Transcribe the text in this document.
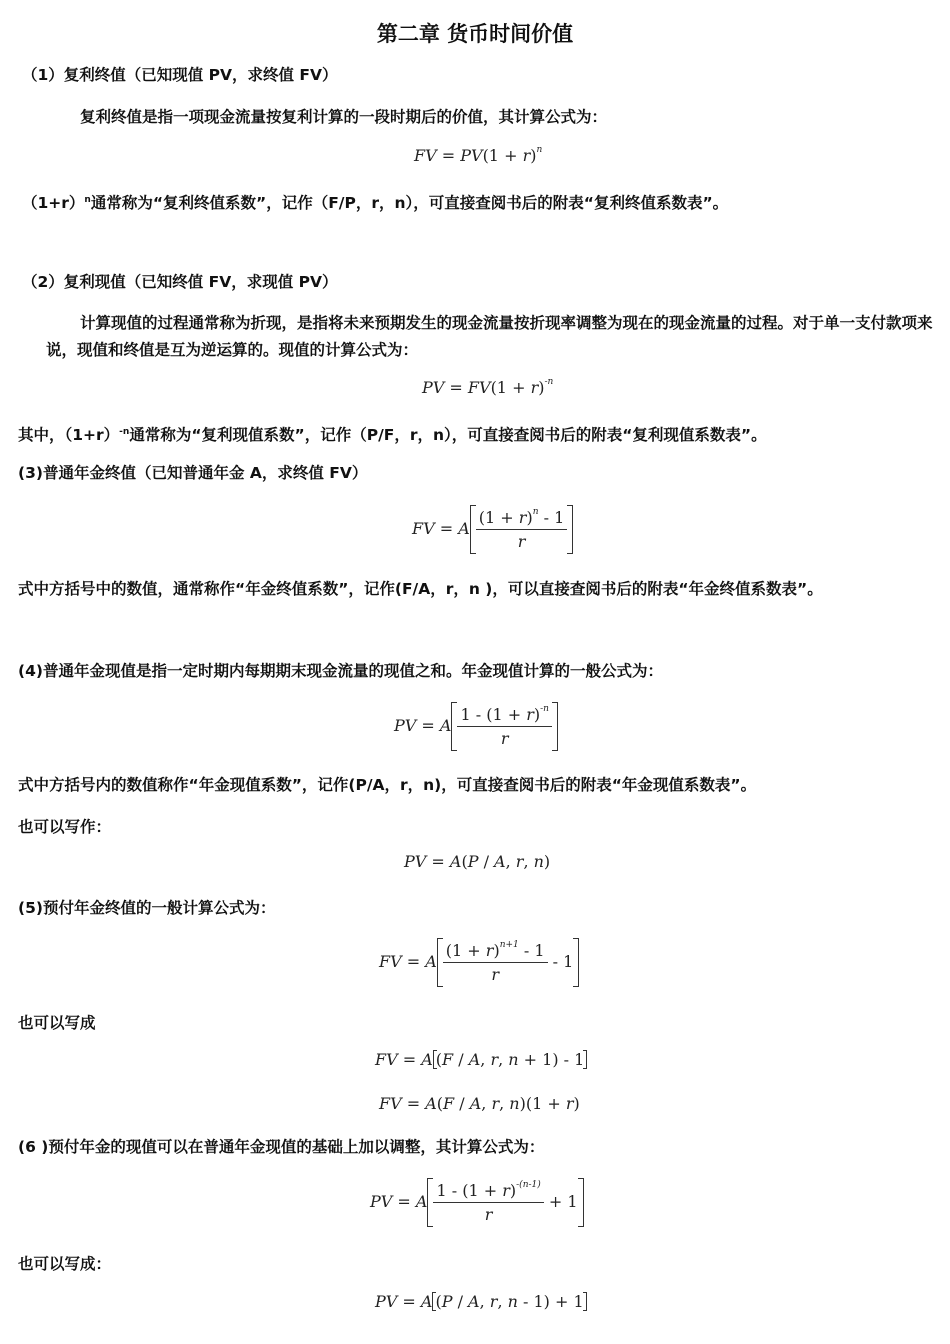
第二章 货币时间价值
（1）复利终值（已知现值 PV，求终值 FV）
复利终值是指一项现金流量按复利计算的一段时期后的价值，其计算公式为：
FV = $PV(1 + r)^n$
$(1+r)^n$通常称为“复利终值系数”，记作（F/P，r，n），可直接查阅书后的附表“复利终值系数表”。
（2）复利现值（已知终值 FV，求现值 PV）
计算现值的过程通常称为折现，是指将未来预期发生的现金流量按折现率调整为现在的现金流量的过程。对于单一支付款项来说，现值和终值是互为逆运算的。现值的计算公式为：
PV = $FV(1 + r)^{-n}$
其中，$(1+r)^{-n}$通常称为“复利现值系数”，记作（P/F，r，n），可直接查阅书后的附表“复利现值系数表”。
(3)普通年金终值（已知普通年金 A，求终值 FV）
FV = A $\frac{(1 + r)^n - 1}{r}$
式中方括号中的数值，通常称作“年金终值系数”，记作(F/A，r，n )，可以直接查阅书后的附表“年金终值系数表”。
(4)普通年金现值是指一定时期内每期期末现金流量的现值之和。年金现值计算的一般公式为：
PV = A $\frac{1 - (1 + r)^{-n}}{r}$
式中方括号内的数值称作“年金现值系数”，记作(P/A，r，n)，可直接查阅书后的附表“年金现值系数表”。
也可以写作：
PV = A(P / A, r, n)
(5)预付年金终值的一般计算公式为：
FV = A $\frac{(1 + r)^{n+1} - 1}{r} - 1$
也可以写成
FV = A (F / A, r, n + 1) - 1
FV = A(F / A, r, n)(1 + r)
(6 )预付年金的现值可以在普通年金现值的基础上加以调整，其计算公式为：
PV = A $\frac{1 - (1 + r)^{-(n-1)}}{r} + 1$
也可以写成：
PV = A (P / A, r, n - 1) + 1
